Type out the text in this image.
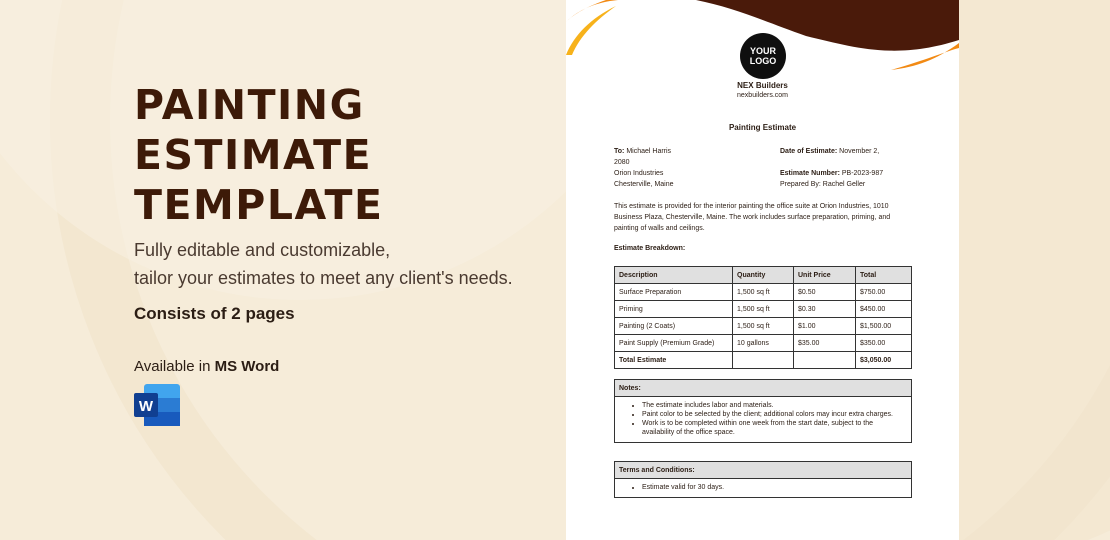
PAINTING
ESTIMATE
TEMPLATE
Fully editable and customizable,
tailor your estimates to meet any client's needs.
Consists of 2 pages
Available in MS Word
W
YOUR
LOGO
NEX Builders
nexbuilders.com
Painting Estimate
To: Michael Harris
2080
Orion Industries
Chesterville, Maine
Date of Estimate: November 2,
Estimate Number: PB-2023-987
Prepared By: Rachel Geller
This estimate is provided for the interior painting the office suite at Orion Industries, 1010 Business Plaza, Chesterville, Maine. The work includes surface preparation, priming, and painting of walls and ceilings.
Estimate Breakdown:
Description	Quantity	Unit Price	Total
Surface Preparation	1,500 sq ft	$0.50	$750.00
Priming	1,500 sq ft	$0.30	$450.00
Painting (2 Coats)	1,500 sq ft	$1.00	$1,500.00
Paint Supply (Premium Grade)	10 gallons	$35.00	$350.00
Total Estimate			$3,050.00
Notes:
• The estimate includes labor and materials.
• Paint color to be selected by the client; additional colors may incur extra charges.
• Work is to be completed within one week from the start date, subject to the availability of the office space.
Terms and Conditions:
• Estimate valid for 30 days.
